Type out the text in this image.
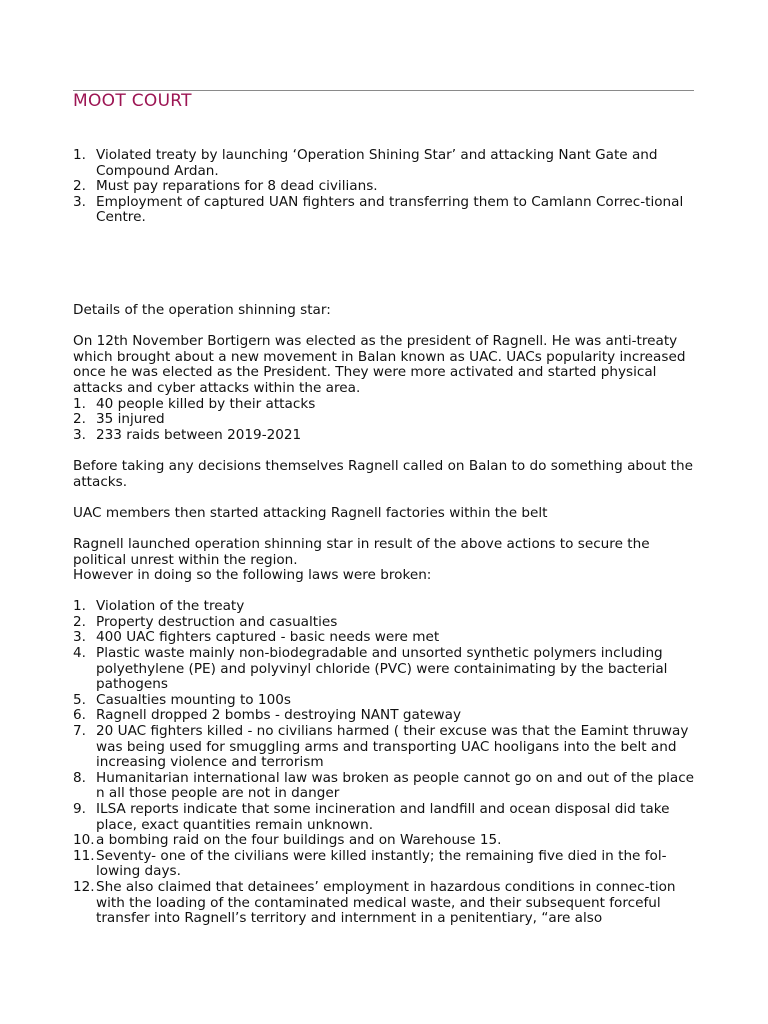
MOOT COURT
1. Violated treaty by launching ‘Operation Shining Star’ and attacking Nant Gate and Compound Ardan.
2. Must pay reparations for 8 dead civilians.
3. Employment of captured UAN fighters and transferring them to Camlann Correc-tional Centre.

Details of the operation shinning star:

On 12th November Bortigern was elected as the president of Ragnell. He was anti-treaty which brought about a new movement in Balan known as UAC. UACs popularity increased once he was elected as the President. They were more activated and started physical attacks and cyber attacks within the area.

1. 40 people killed by their attacks
2. 35 injured
3. 233 raids between 2019-2021

Before taking any decisions themselves Ragnell called on Balan to do something about the attacks.

UAC members then started attacking Ragnell factories within the belt

Ragnell launched operation shinning star in result of the above actions to secure the political unrest within the region.

However in doing so the following laws were broken:

1. Violation of the treaty
2. Property destruction and casualties
3. 400 UAC fighters captured - basic needs were met
4. Plastic waste mainly non-biodegradable and unsorted synthetic polymers including polyethylene (PE) and polyvinyl chloride (PVC) were containimating by the bacterial pathogens
5. Casualties mounting to 100s
6. Ragnell dropped 2 bombs - destroying NANT gateway
7. 20 UAC fighters killed - no civilians harmed ( their excuse was that the Eamint thruway was being used for smuggling arms and transporting UAC hooligans into the belt and increasing violence and terrorism
8. Humanitarian international law was broken as people cannot go on and out of the place n all those people are not in danger
9. ILSA reports indicate that some incineration and landfill and ocean disposal did take place, exact quantities remain unknown.
10. a bombing raid on the four buildings and on Warehouse 15.
11. Seventy- one of the civilians were killed instantly; the remaining five died in the fol-lowing days.
12. She also claimed that detainees’ employment in hazardous conditions in connec-tion with the loading of the contaminated medical waste, and their subsequent forceful transfer into Ragnell’s territory and internment in a penitentiary, “are also
